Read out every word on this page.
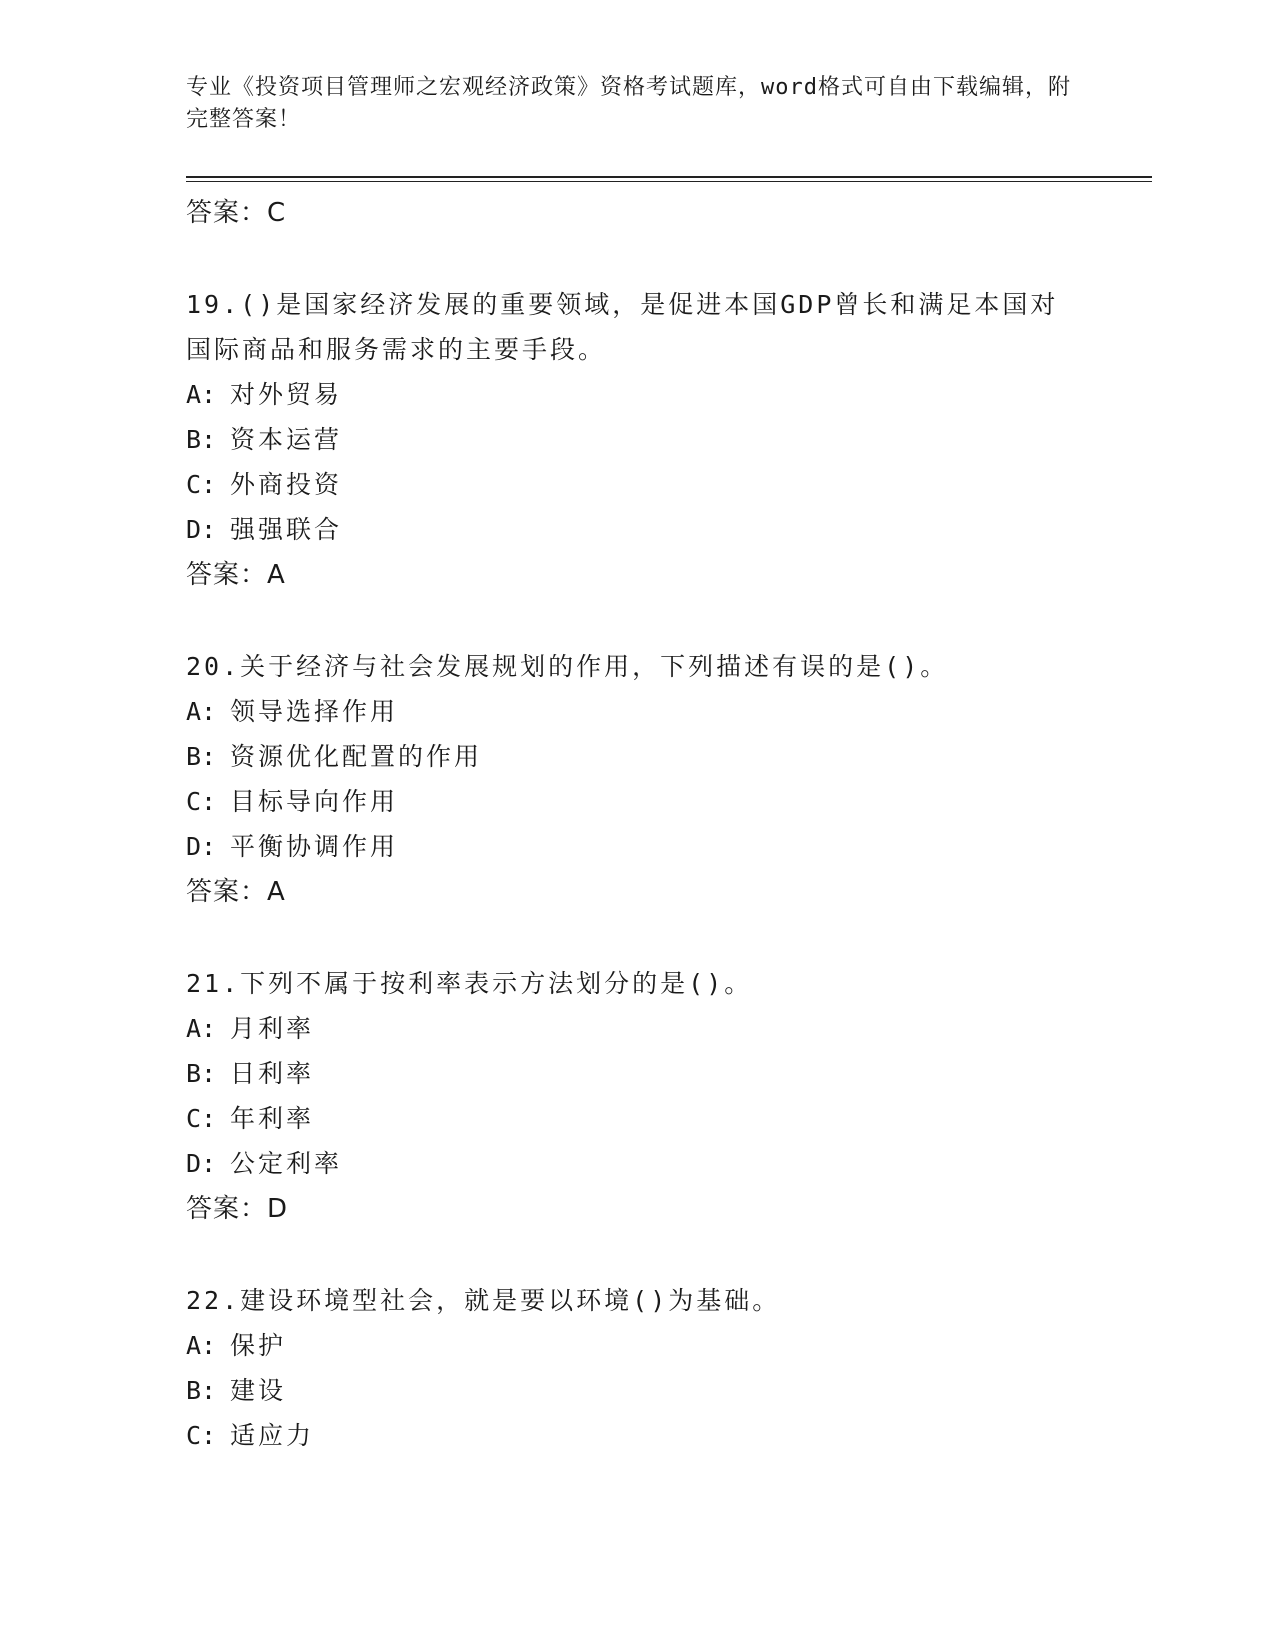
专业《投资项目管理师之宏观经济政策》资格考试题库，word格式可自由下载编辑，附完整答案！
答案：C
19.()是国家经济发展的重要领域，是促进本国GDP曾长和满足本国对国际商品和服务需求的主要手段。
A: 对外贸易
B: 资本运营
C: 外商投资
D: 强强联合
答案：A
20.关于经济与社会发展规划的作用，下列描述有误的是()。
A: 领导选择作用
B: 资源优化配置的作用
C: 目标导向作用
D: 平衡协调作用
答案：A
21.下列不属于按利率表示方法划分的是()。
A: 月利率
B: 日利率
C: 年利率
D: 公定利率
答案：D
22.建设环境型社会，就是要以环境()为基础。
A: 保护
B: 建设
C: 适应力
